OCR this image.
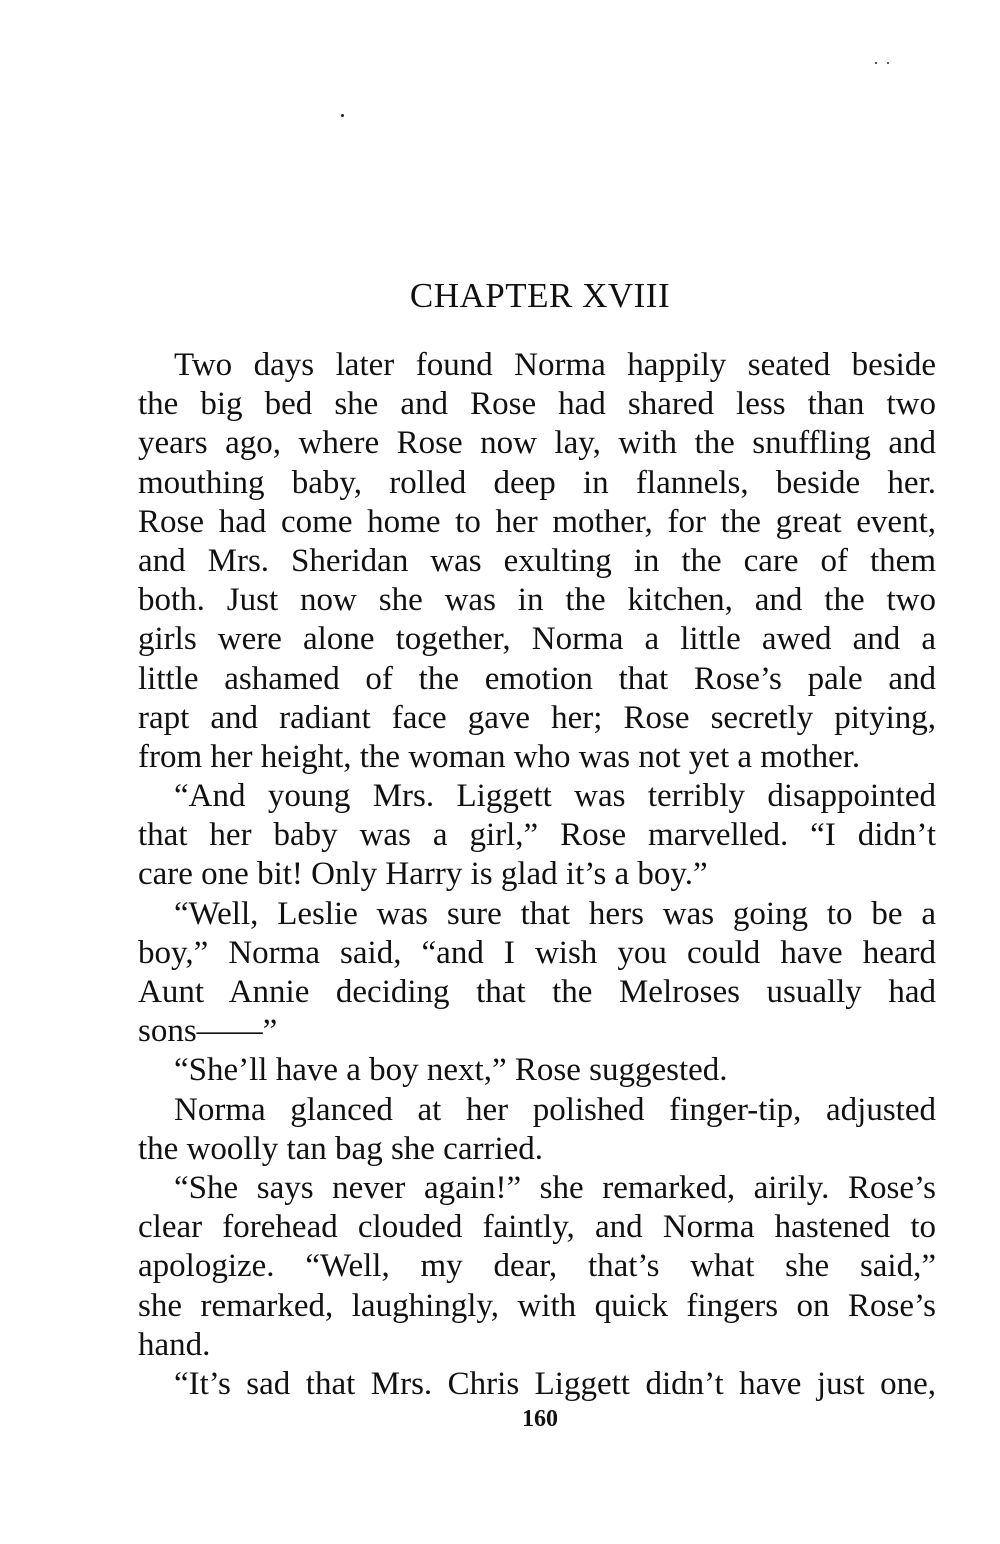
CHAPTER XVIII
Two days later found Norma happily seated beside
the big bed she and Rose had shared less than two
years ago, where Rose now lay, with the snuffling and
mouthing baby, rolled deep in flannels, beside her.
Rose had come home to her mother, for the great event,
and Mrs. Sheridan was exulting in the care of them
both. Just now she was in the kitchen, and the two
girls were alone together, Norma a little awed and a
little ashamed of the emotion that Rose’s pale and
rapt and radiant face gave her; Rose secretly pitying,
from her height, the woman who was not yet a mother.
“And young Mrs. Liggett was terribly disappointed
that her baby was a girl,” Rose marvelled. “I didn’t
care one bit! Only Harry is glad it’s a boy.”
“Well, Leslie was sure that hers was going to be a
boy,” Norma said, “and I wish you could have heard
Aunt Annie deciding that the Melroses usually had
sons——”
“She’ll have a boy next,” Rose suggested.
Norma glanced at her polished finger-tip, adjusted
the woolly tan bag she carried.
“She says never again!” she remarked, airily. Rose’s
clear forehead clouded faintly, and Norma hastened to
apologize. “Well, my dear, that’s what she said,”
she remarked, laughingly, with quick fingers on Rose’s
hand.
“It’s sad that Mrs. Chris Liggett didn’t have just one,
160
